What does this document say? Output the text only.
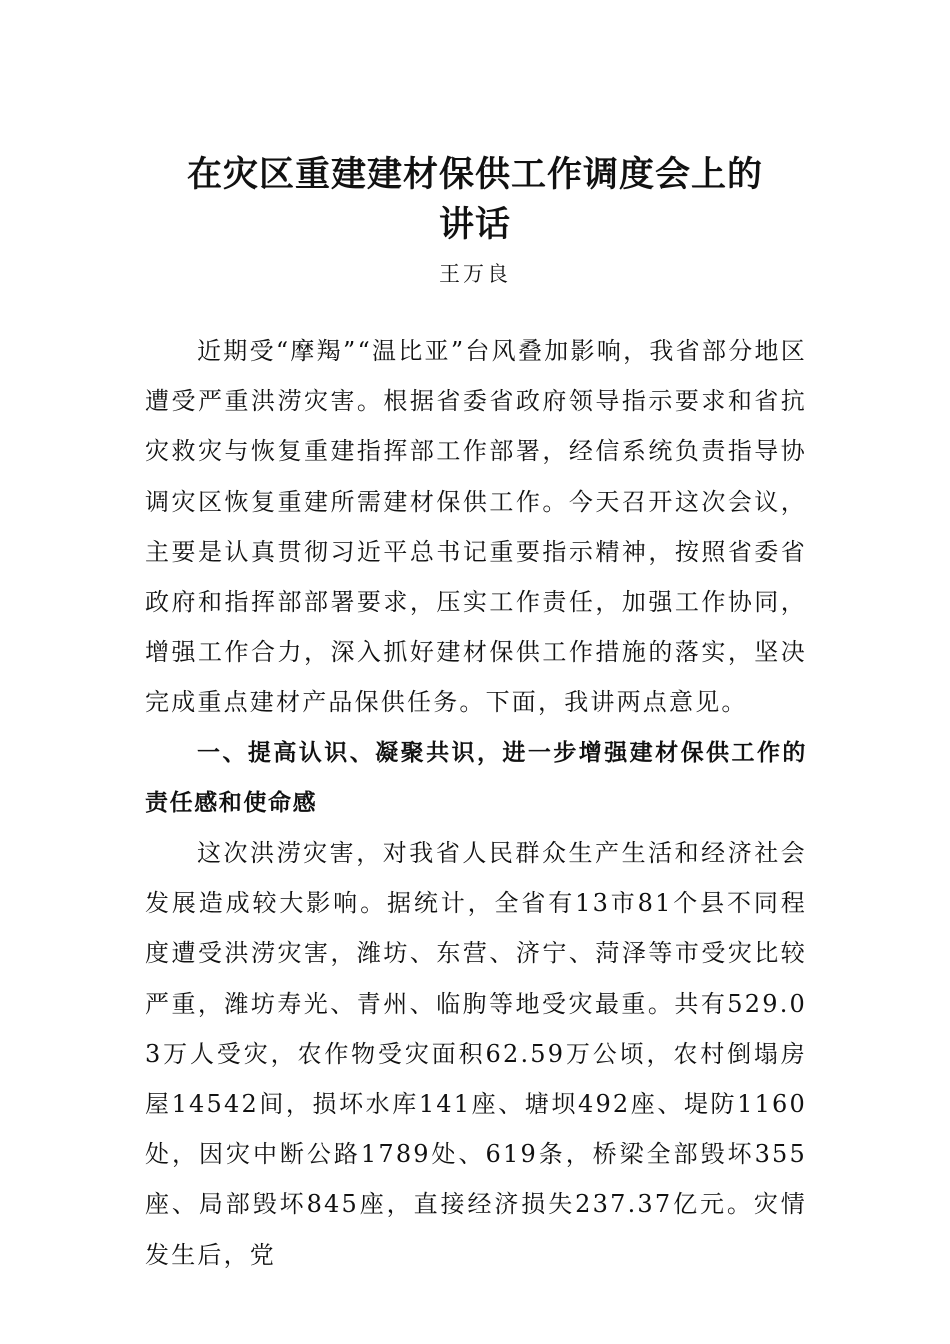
在灾区重建建材保供工作调度会上的
讲话

王万良

近期受“摩羯”“温比亚”台风叠加影响，我省部分地区遭受严重洪涝灾害。根据省委省政府领导指示要求和省抗灾救灾与恢复重建指挥部工作部署，经信系统负责指导协调灾区恢复重建所需建材保供工作。今天召开这次会议，主要是认真贯彻习近平总书记重要指示精神，按照省委省政府和指挥部部署要求，压实工作责任，加强工作协同，增强工作合力，深入抓好建材保供工作措施的落实，坚决完成重点建材产品保供任务。下面，我讲两点意见。

一、提高认识、凝聚共识，进一步增强建材保供工作的责任感和使命感

这次洪涝灾害，对我省人民群众生产生活和经济社会发展造成较大影响。据统计，全省有13市81个县不同程度遭受洪涝灾害，潍坊、东营、济宁、菏泽等市受灾比较严重，潍坊寿光、青州、临朐等地受灾最重。共有529.03万人受灾，农作物受灾面积62.59万公顷，农村倒塌房屋14542间，损坏水库141座、塘坝492座、堤防1160处，因灾中断公路1789处、619条，桥梁全部毁坏355座、局部毁坏845座，直接经济损失237.37亿元。灾情发生后，党
